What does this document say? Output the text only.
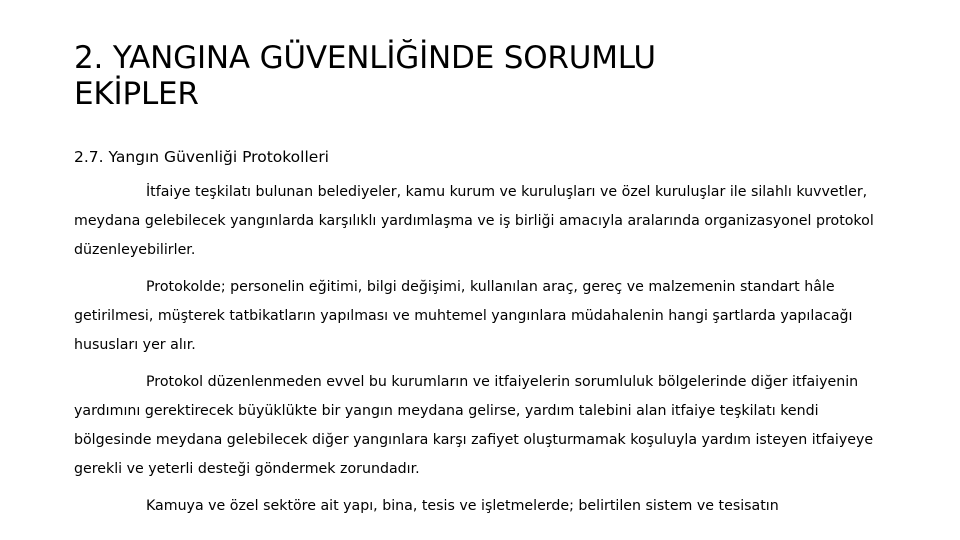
2. YANGINA GÜVENLİĞİNDE SORUMLU
EKİPLER
2.7. Yangın Güvenliği Protokolleri

İtfaiye teşkilatı bulunan belediyeler, kamu kurum ve kuruluşları ve özel kuruluşlar ile silahlı kuvvetler, meydana gelebilecek yangınlarda karşılıklı yardımlaşma ve iş birliği amacıyla aralarında organizasyonel protokol düzenleyebilirler.

Protokolde; personelin eğitimi, bilgi değişimi, kullanılan araç, gereç ve malzemenin standart hâle getirilmesi, müşterek tatbikatların yapılması ve muhtemel yangınlara müdahalenin hangi şartlarda yapılacağı hususları yer alır.

Protokol düzenlenmeden evvel bu kurumların ve itfaiyelerin sorumluluk bölgelerinde diğer itfaiyenin yardımını gerektirecek büyüklükte bir yangın meydana gelirse, yardım talebini alan itfaiye teşkilatı kendi bölgesinde meydana gelebilecek diğer yangınlara karşı zafiyet oluşturmamak koşuluyla yardım isteyen itfaiyeye gerekli ve yeterli desteği göndermek zorundadır.

Kamuya ve özel sektöre ait yapı, bina, tesis ve işletmelerde; belirtilen sistem ve tesisatın
